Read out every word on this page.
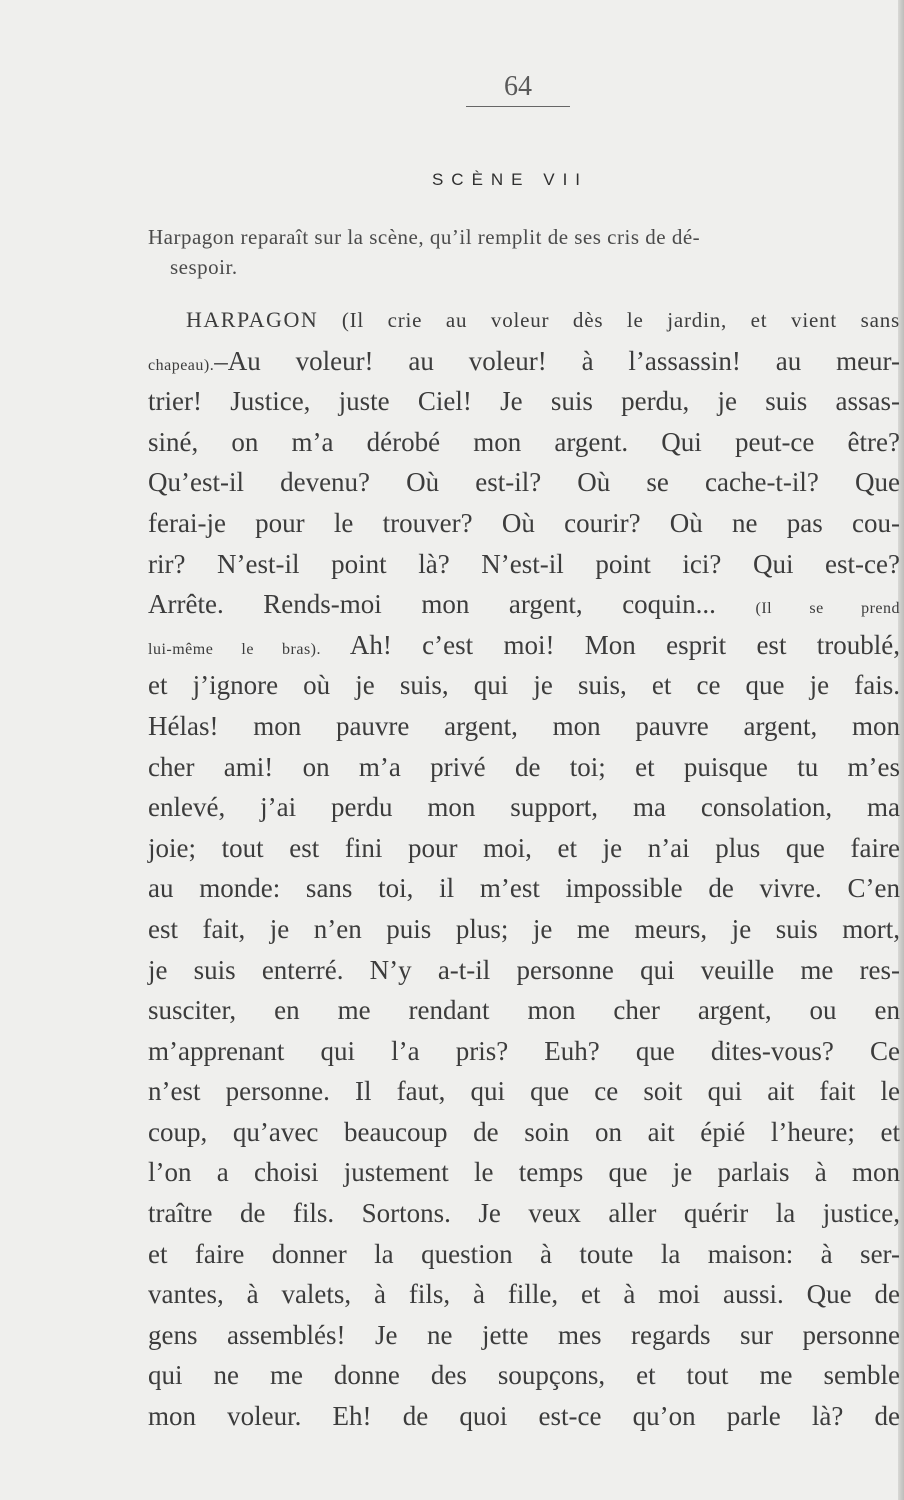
64
SCÈNE VII
Harpagon reparaît sur la scène, qu’il remplit de ses cris de dé-
sespoir.
HARPAGON (Il crie au voleur dès le jardin, et vient sans
chapeau).–Au voleur! au voleur! à l’assassin! au meur-
trier! Justice, juste Ciel! Je suis perdu, je suis assas-
siné, on m’a dérobé mon argent. Qui peut-ce être?
Qu’est-il devenu? Où est-il? Où se cache-t-il? Que
ferai-je pour le trouver? Où courir? Où ne pas cou-
rir? N’est-il point là? N’est-il point ici? Qui est-ce?
Arrête. Rends-moi mon argent, coquin... (Il se prend
lui-même le bras). Ah! c’est moi! Mon esprit est troublé,
et j’ignore où je suis, qui je suis, et ce que je fais.
Hélas! mon pauvre argent, mon pauvre argent, mon
cher ami! on m’a privé de toi; et puisque tu m’es
enlevé, j’ai perdu mon support, ma consolation, ma
joie; tout est fini pour moi, et je n’ai plus que faire
au monde: sans toi, il m’est impossible de vivre. C’en
est fait, je n’en puis plus; je me meurs, je suis mort,
je suis enterré. N’y a-t-il personne qui veuille me res-
susciter, en me rendant mon cher argent, ou en
m’apprenant qui l’a pris? Euh? que dites-vous? Ce
n’est personne. Il faut, qui que ce soit qui ait fait le
coup, qu’avec beaucoup de soin on ait épié l’heure; et
l’on a choisi justement le temps que je parlais à mon
traître de fils. Sortons. Je veux aller quérir la justice,
et faire donner la question à toute la maison: à ser-
vantes, à valets, à fils, à fille, et à moi aussi. Que de
gens assemblés! Je ne jette mes regards sur personne
qui ne me donne des soupçons, et tout me semble
mon voleur. Eh! de quoi est-ce qu’on parle là? de
